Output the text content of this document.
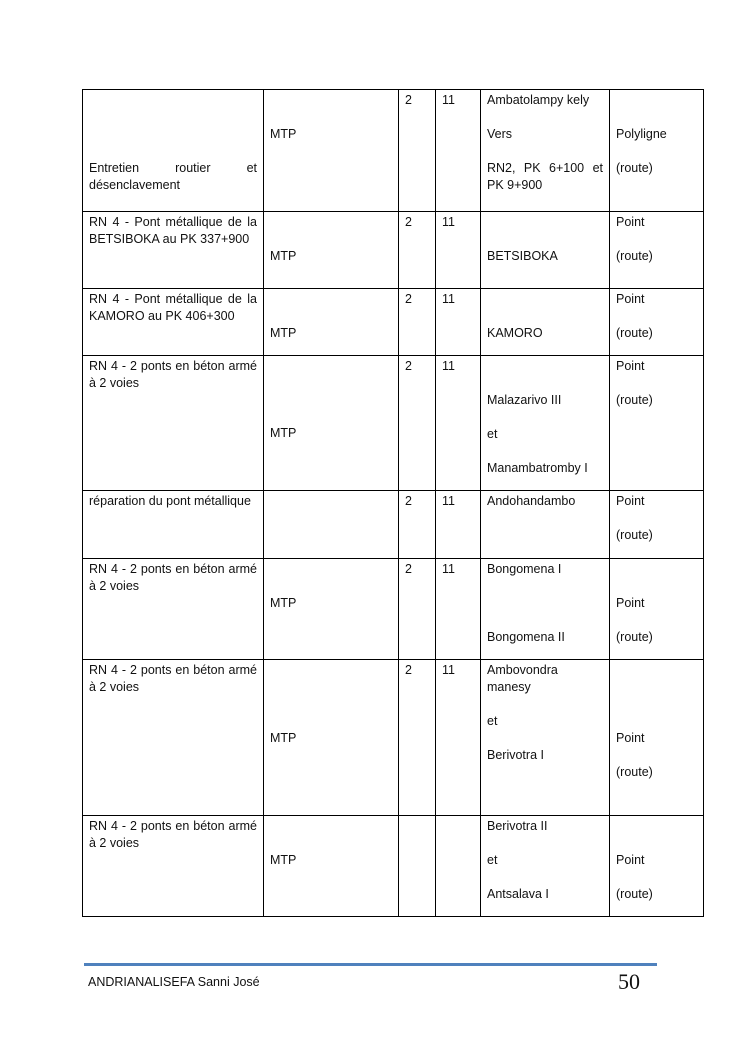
Entretien routier et désenclavement	MTP	2	11	Ambatolampy kely
Vers
RN2, PK 6+100 et PK 9+900	Polyligne
(route)

RN 4 - Pont métallique de la BETSIBOKA au PK 337+900	MTP	2	11	BETSIBOKA	Point
(route)

RN 4 - Pont métallique de la KAMORO au PK 406+300	MTP	2	11	KAMORO	Point
(route)

RN 4 - 2 ponts en béton armé à 2 voies	MTP	2	11	Malazarivo III
et
Manambatromby I	Point
(route)

réparation du pont métallique		2	11	Andohandambo	Point
(route)

RN 4 - 2 ponts en béton armé à 2 voies	MTP	2	11	Bongomena I
Bongomena II	Point
(route)

RN 4 - 2 ponts en béton armé à 2 voies	MTP	2	11	Ambovondra manesy
et
Berivotra I	Point
(route)

RN 4 - 2 ponts en béton armé à 2 voies	MTP			Berivotra II
et
Antsalava I	Point
(route)
ANDRIANALISEFA Sanni José	50
